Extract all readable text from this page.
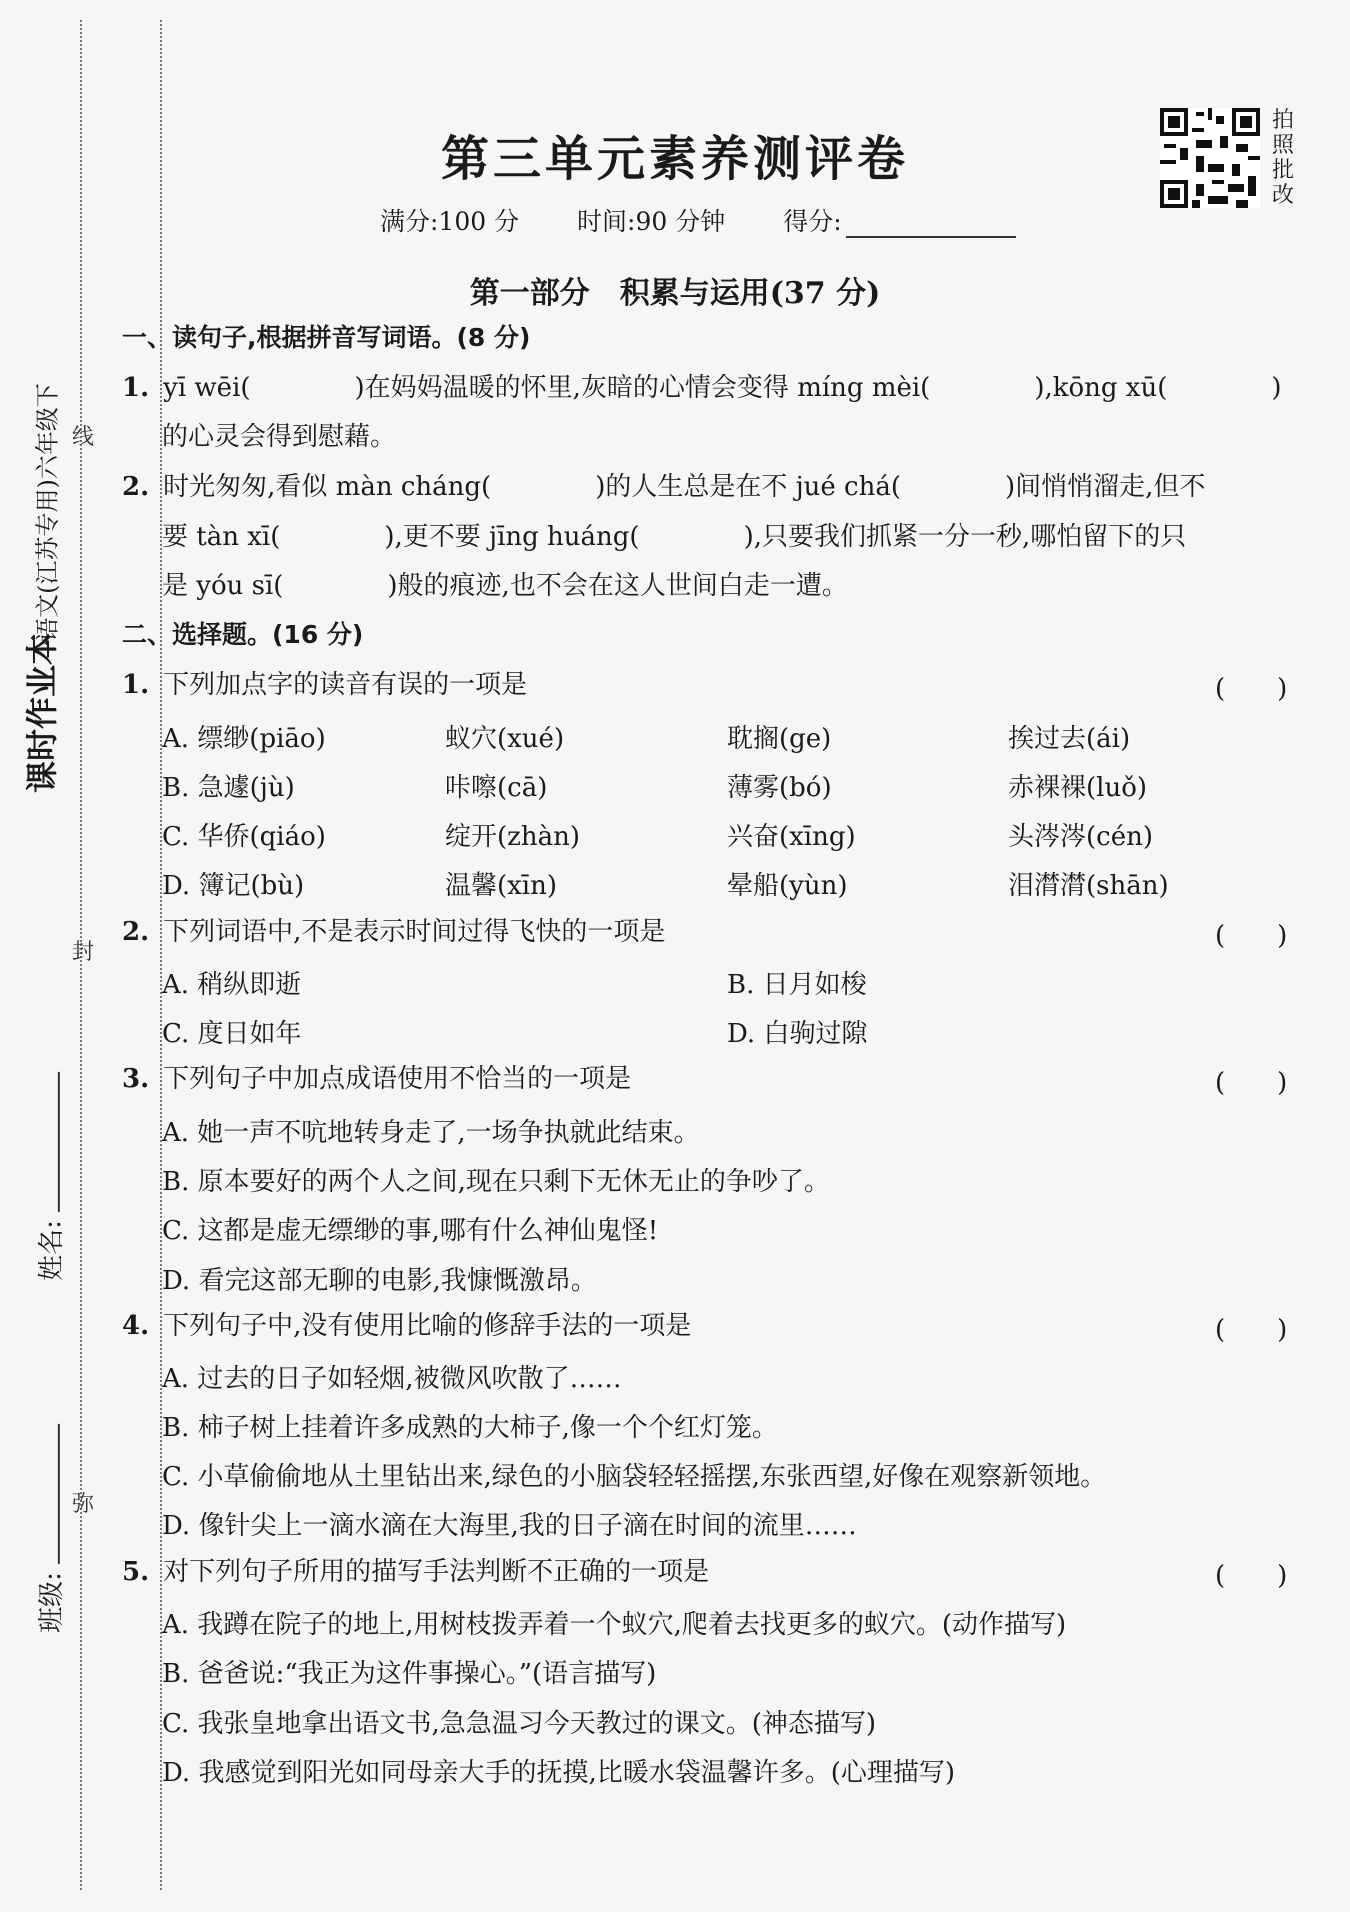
课时作业本
语文(江苏专用)六年级下 线
封
弥
姓名:
班级:
第三单元素养测评卷
满分:100 分 时间:90 分钟 得分:
拍
照
批
改
第一部分　积累与运用(37 分)
一、读句子,根据拼音写词语。(8 分)
1. yī wēi(　　　　)在妈妈温暖的怀里,灰暗的心情会变得 míng mèi(　　　　),kōng xū(　　　　)
的心灵会得到慰藉。
2. 时光匆匆,看似 màn cháng(　　　　)的人生总是在不 jué chá(　　　　)间悄悄溜走,但不
要 tàn xī(　　　　),更不要 jīng huáng(　　　　),只要我们抓紧一分一秒,哪怕留下的只
是 yóu sī(　　　　)般的痕迹,也不会在这人世间白走一遭。
二、选择题。(16 分)
1. 下列加点字的读音有误的一项是	(　　)
A. 缥缈(piāo)	蚁穴(xué)	耽搁(ge)	挨过去(ái)
B. 急遽(jù)	咔嚓(cā)	薄雾(bó)	赤裸裸(luǒ)
C. 华侨(qiáo)	绽开(zhàn)	兴奋(xīng)	头涔涔(cén)
D. 簿记(bù)	温馨(xīn)	晕船(yùn)	泪潸潸(shān)
2. 下列词语中,不是表示时间过得飞快的一项是	(　　)
A. 稍纵即逝	B. 日月如梭
C. 度日如年	D. 白驹过隙
3. 下列句子中加点成语使用不恰当的一项是	(　　)
A. 她一声不吭地转身走了,一场争执就此结束。
B. 原本要好的两个人之间,现在只剩下无休无止的争吵了。
C. 这都是虚无缥缈的事,哪有什么神仙鬼怪!
D. 看完这部无聊的电影,我慷慨激昂。
4. 下列句子中,没有使用比喻的修辞手法的一项是	(　　)
A. 过去的日子如轻烟,被微风吹散了……
B. 柿子树上挂着许多成熟的大柿子,像一个个红灯笼。
C. 小草偷偷地从土里钻出来,绿色的小脑袋轻轻摇摆,东张西望,好像在观察新领地。
D. 像针尖上一滴水滴在大海里,我的日子滴在时间的流里……
5. 对下列句子所用的描写手法判断不正确的一项是	(　　)
A. 我蹲在院子的地上,用树枝拨弄着一个蚁穴,爬着去找更多的蚁穴。(动作描写)
B. 爸爸说:“我正为这件事操心。”(语言描写)
C. 我张皇地拿出语文书,急急温习今天教过的课文。(神态描写)
D. 我感觉到阳光如同母亲大手的抚摸,比暖水袋温馨许多。(心理描写)
